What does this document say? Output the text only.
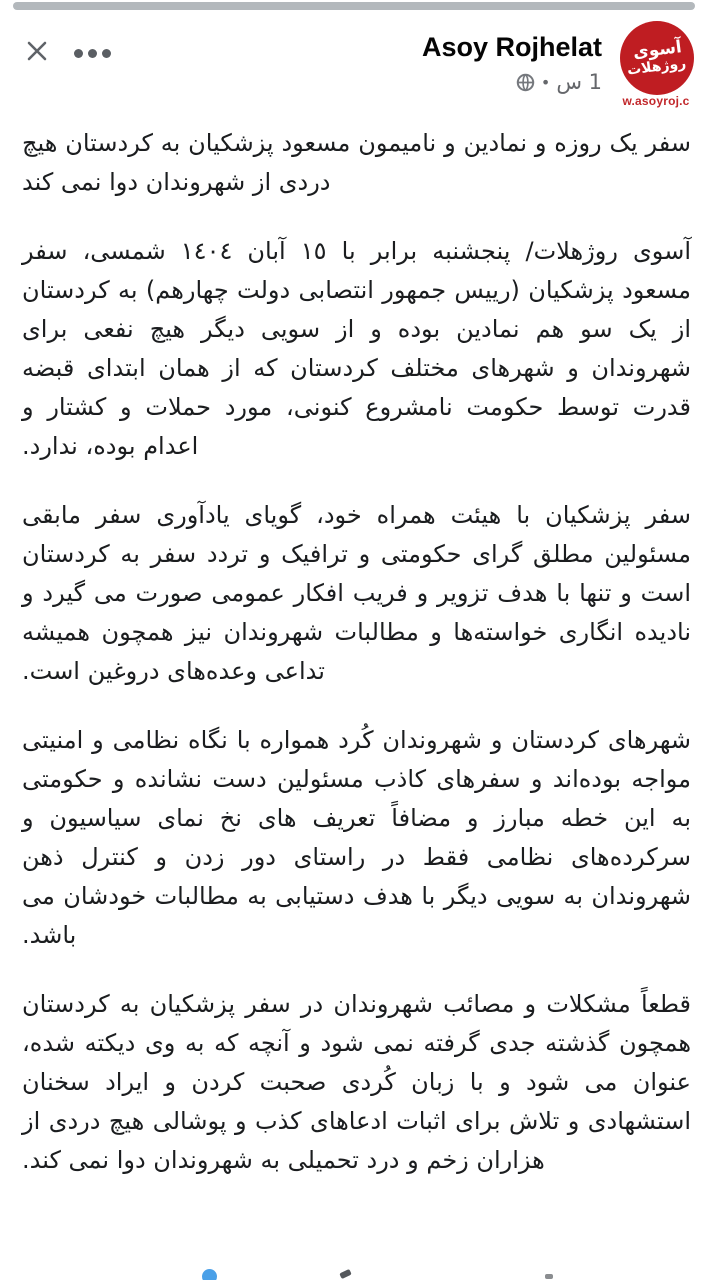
Asoy Rojhelat
1 س
•
آسوی
روژهلات
w.asoyroj.c

سفر یک روزه و نمادین و نامیمون مسعود پزشکیان به کردستان هیچ دردی از شهروندان دوا نمی کند

آسوی روژهلات/ پنجشنبه برابر با ١٥ آبان ١٤٠٤ شمسی، سفر مسعود پزشکیان (رییس جمهور انتصابی دولت چهارهم) به کردستان از یک سو هم نمادین بوده و از سویی دیگر هیچ نفعی برای شهروندان و شهرهای مختلف کردستان که از همان ابتدای قبضه قدرت توسط حکومت نامشروع کنونی، مورد حملات و کشتار و اعدام بوده، ندارد.

سفر پزشکیان با هیئت همراه خود، گویای یادآوری سفر مابقی مسئولین مطلق گرای حکومتی و ترافیک و تردد سفر به کردستان است و تنها با هدف تزویر و فریب افکار عمومی صورت می گیرد و نادیده انگاری خواسته‌ها و مطالبات شهروندان نیز همچون همیشه تداعی وعده‌های دروغین است.

شهرهای کردستان و شهروندان کُرد همواره با نگاه نظامی و امنیتی مواجه بوده‌اند و سفرهای کاذب مسئولین دست نشانده و حکومتی به این خطه مبارز و مضافاً تعریف های نخ نمای سیاسیون و سرکرده‌های نظامی فقط در راستای دور زدن و کنترل ذهن شهروندان به سویی دیگر با هدف دستیابی به مطالبات خودشان می باشد.

قطعاً مشکلات و مصائب شهروندان در سفر پزشکیان به کردستان همچون گذشته جدی گرفته نمی شود و آنچه که به وی دیکته شده، عنوان می شود و با زبان کُردی صحبت کردن و ایراد سخنان استشهادی و تلاش برای اثبات ادعاهای کذب و پوشالی هیچ دردی از هزاران زخم و درد تحمیلی به شهروندان دوا نمی کند.
